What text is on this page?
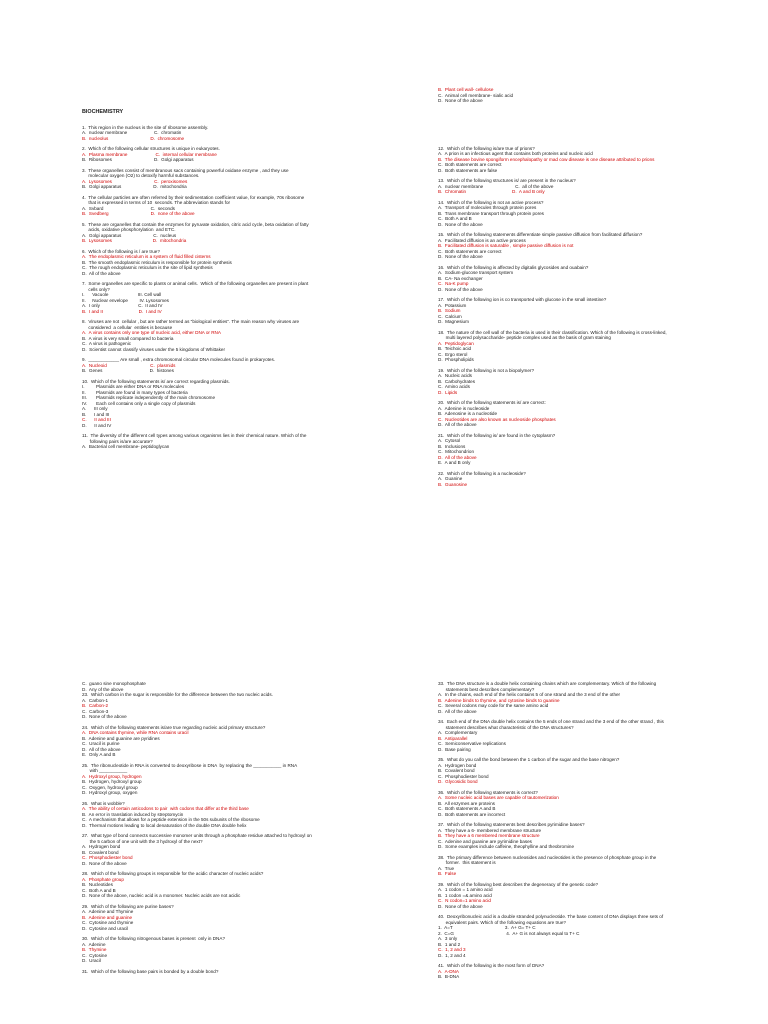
BIOCHEMISTRY
1.  This region in the nucleus is the site of ribosome assembly.
A.  nuclear membrane                     C.  chromatin
B.  nucleolus                                 D.  chromosome
2.  Which of the following cellular structures is unique in eukaryotes.
A.  Plasma membrane                      C.  internal cellular membrane
B.  Ribosomes                                 D.  Golgi apparatus
3.  These organelles consist of membranous sacs containing powerful oxidase enzyme , and they use
molecular oxygen (O2) to detoxify harmful substances.
A.  Lysosomes                                 C.  peroxisomes
B.  Golgi apparatus                         D.  mitochondria
4.  The cellular particles are often referred by their sedimentation coefficient value, for example, 70s ribosome
that is expressed in terms of 10  seconds. The abbreviation stands for
A.  Svbard                                     C.  seconds
B.  Svedberg                                 D.  none of the above
5.  These are organelles that contain the enzymes for pyruvate oxidation, citric acid cycle, beta oxidation of fatty
acids, oxidative phosphorylation  and ETC.
A.  Golgi apparatus                         C.  nucleus
B.  Lysosomes                                D.  mitochondria
6.  Which of the following is / are true?
A.  The endoplasmic reticulum is a system of fluid filled cisterns
B.  The smooth endoplasmic reticulum is responsible for protein synthesis
C.  The rough endoplasmic reticulum is the site of lipid synthesis
D.  All of the above
7.  Some organelles are specific to plants or animal cells.  Which of the following organelles are present in plant
cells only?
I.      Vacuole                       III. Cell wall
II.     Nuclear envelope         IV. Lysosomes
A.  I only                              C.  II and IV
B.  I and II                            D.  I and IV
8.  Viruses are not  cellular , but are rather termed as "biological entities". The main reason why viruses are
considered  a cellular  entities is because
A.  A virus contains only one type of nucleic acid, either DNA or RNA
B.  A virus is very small compared to bacteria
C.  A virus is pathogenic
D.  Scientist cannot classify viruses under the 5 kingdoms of Whittaker
9.  ____________ Are small , extra chromosomal circular DNA molecules found in prokaryotes.
A.  Nucleoid                                  C.  plasmids
B.  Genes                                     D.  histones
10.  Which of the following statements is/ are correct regarding plasmids.
I.         Plasmids are either DNA or RNA molecules
II.        Plasmids are found in many types of bacteria
III.       Plasmids replicate independently of the main chromosome
IV.       Each cell contains only a single copy of plasmids
A.      III only
B.      I and III
C.      II and III
D.      II and IV
11.  The diversity of the different cell types among various organisms lies in their chemical nature. Which of the
following pairs is/are accurate?
A.  Bacterial cell membrane- peptidoglycan
B.  Plant cell wall- cellulose
C.  Animal cell membrane- sialic acid
D.  None of the above
12.  Which of the following is/are true of prions?
A.  A prion is an infectious agent that contains both proteins and nucleic acid
B.  The disease bovine spongiform encephalopathy or mad cow disease is one disease attributed to prions
C.  Both statements are correct
D.  Both statements are false
13.  Which of the following structures is/ are present in the nucleus?
A.  nuclear membrane                         C.  all of the above
B.  Chromatin                                    D.  A and B only
14.  Which of the following is not an active process?
A.  Transport of molecules through protein pores
B.  Trans membrane transport through protein pores
C.  Both A and B
D.  None of the above
15.  Which of the following statements differentiate simple passive diffusion from facilitated diffusion?
A.  Facilitated diffusion is an active process
B.  Facilitated diffusion is saturable , simple passive diffusion is not
C.  Both statements are correct
D.  None of the above
16.  Which of the following is affected by digitalis glycosides and ouabain?
A.  Sodium-glucose transport system
B.  CA- Na exchanger
C.  Na-K pump
D.  None of the above
17.  Which of the following ion is co transported with glucose in the small intestine?
A.  Potassium
B.  Sodium
C.  Calcium
D.  Magnesium
18.  The nature of the cell wall of the bacteria is used in their classification. Which of the following is cross-linked,
multi layered polysaccharide- peptide complex used as the basis of gram staining
A.  Peptidoglycan
B.  Teichoic acid
C.  Ergo sterol
D.  Phospholipids
19.  Which of the following is not a biopolymer?
A.  Nucleic acids
B.  Carbohydrates
C.  Amino acids
D.  Lipids
20.  Which of the following statements is/ are correct:
A.  Adenine is nucleoside
B.  Adenosine is a nucleotide
C.  Nucleotides are also known as nucleoside phosphates
D.  All of the above
21.  Which of the following is/ are found in the cytoplasm?
A.  Cytosol
B.  Inclusions
C.  Mitochondrion
D.  All of the above
E.  A and B only
22.  Which of the following is a nucleoside?
A.  Guanine
B.  Guanosine
C.  guano sine monophosphate
D.  Any of the above
23.  Which carbon in the sugar is responsible for the difference between the two nucleic acids.
A.  Carbon-1
B.  Carbon-2
C.  Carbon-3
D.  None of the above
24.  Which of the following statements is/are true regarding nucleic acid primary structure?
A.  DNA contains thymine, while RNA contains uracil
B.  Adenine and guanine are pyridines
C.  Uracil is purine
D.  All of the above
E.  Only A and B
25.  The ribonucleotide in RNA is converted to deoxyribose in DNA  by replacing the ___________ in RNA
with ___________
A.  Hydroxyl group, hydrogen
B.  Hydrogen, hydroxyl group
C.  Oxygen, hydroxyl group
D.  Hydroxyl group, oxygen
26.  What is wobble?
A.  The ability of certain anticodons to pair  with codons that differ at the third base
B.  An error in translation induced by streptomycin
C.  A mechanism that allows for a peptide extension in the 50s subunits of the ribosome
D.  Thermal motions leading to local denaturation of the double DNA double helix
27.  What type of bond connects successive monomer units through a phosphate residue attached to hydroxyl on
the 5 carbon of one unit with the 3 hydroxyl of the next?
A.  Hydrogen bond
B.  Covalent bond
C.  Phosphodiester bond
D.  None of the above
28.  Which of the following groups is responsible for the acidic character of nucleic acids?
A.  Phosphate group
B.  Nucleotides
C.  Both A and B
D.  None of the above, nucleic acid is a monomer. Nucleic acids are not acidic
29.  Which of the following are purine bases?
A.  Adenine and Thymine
B.  Adenine and guanine
C.  Cytosine and thymine
D.  Cytosine and uracil
30.  Which of the following nitrogenous bases is present  only in DNA?
A.  Adenine
B.  Thymine
C.  Cytosine
D.  Uracil
31.  Which of the following base pairs is bonded by a double bond?
33.  The DNA structure is a double helix containing chains which are complementary. Which of the following
statements best describes complementary?
A.  In the chains, each end of the helix contains 5 of one strand and the 3 end of the other
B.  Adenine binds to thymine, and cytosine binds to guanine
C.  Several codons may code for the same amino acid
D.  All of the above
34.  Each end of the DNA double helix contains the 5 ends of one strand and the 3 end of the other strand , this
statement describes what characteristic of the DNA structures?
A.  Complementary
B.  Antiparallel
C.  Semiconservative replications
D.  Base pairing
35.  What do you call the bond between the 1 carbon of the sugar and the base nitrogen?
A.  Hydrogen bond
B.  Covalent bond
C.  Phosphodiester bond
D.  Glycosidic bond
36.  Which of the following statements is correct?
A.  Some nucleic acid bases are capable of tautomerization
B.  All enzymes are proteins
C.  Both statements A and B
D.  Both statements are incorrect
37.  Which of the following statements best describes pyrimidine bases?
A.  They have a 6- membered membrane structure
B.  They have a 6 membered membrane structure
C.  Adenine and guanine are pyrimidine bases
D.  Some examples include caffeine, theophylline and theobromine
38.  The primary difference between nucleosides and nucleotides is the presence of phosphate group in the
former.  this statement is
A.  True
B.  False
39.  Which of the following best describes the degeneracy of the genetic code?
A.  1 codon = 1 amino acid
B.  1 codon =& amino acid
C.  N codon=1 amino acid
D.  None of the above
40.  Deoxyribonucleic acid is a double stranded polynucleotide. The base content of DNA displays three sets of
equivalent pairs. Which of the following equations are true?
1.  A=T                                         3.  A+ G= T+ C
2.  C=G                                         4.  A+ G is not always equal to T+ C
A.  3 only
B.  1 and 2
C.  1, 2 and 3
D.  1, 2 and 4
41.  Which of the following is the most form of DNA?
A.  A-DNA
B.  B-DNA
